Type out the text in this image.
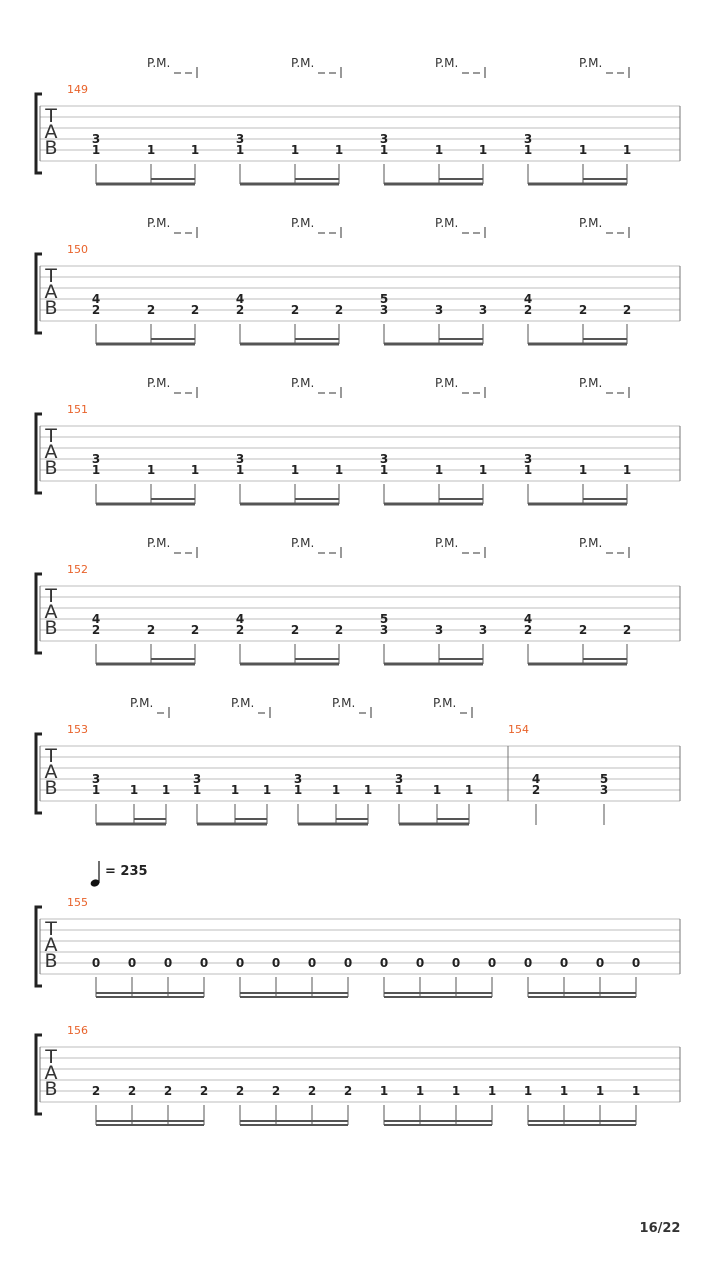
T
A
B
149
P.M.	P.M.	P.M.	P.M.
3
1	1	1
3
1	1	1
3
1	1	1
3
1	1	1
T
A
B
150
P.M.	P.M.	P.M.	P.M.
4
2	2	2
4
2	2	2
5
3	3	3
4
2	2	2
T
A
B
151
P.M.	P.M.	P.M.	P.M.
3
1	1	1
3
1	1	1
3
1	1	1
3
1	1	1
T
A
B
152
P.M.	P.M.	P.M.	P.M.
4
2	2	2
4
2	2	2
5
3	3	3
4
2	2	2
T
A
B
153
P.M.	P.M.	P.M.	P.M.
3
1 1 1
3
1 1 1
3
1 1 1
3
1 1 1
154
4
2
5
3
= 235
T
A
B
155
0 0 0 0 0 0 0 0 0 0 0 0 0 0 0 0
T
A
B
156
2 2 2 2 2 2 2 2 1 1 1 1 1 1 1 1
16/22
